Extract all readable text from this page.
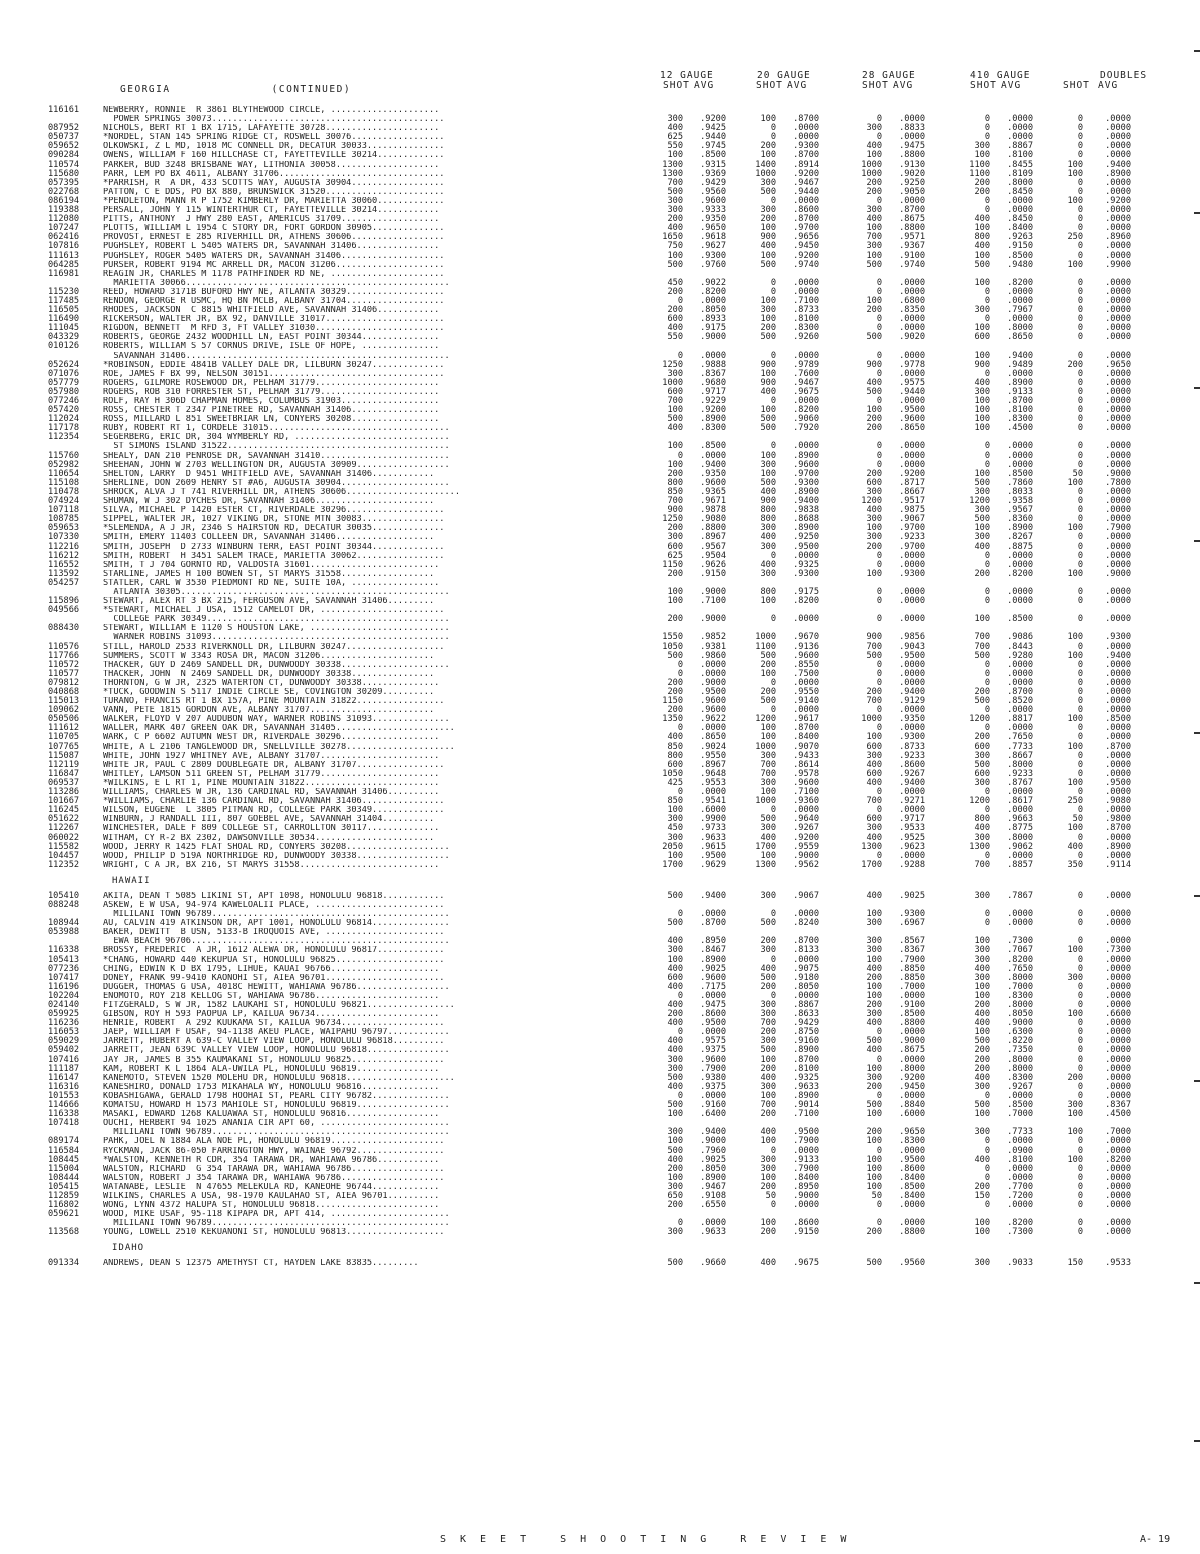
GEORGIA	(CONTINUED)
12 GAUGE	20 GAUGE	28 GAUGE	410 GAUGE	DOUBLES
SHOT AVG	SHOT AVG	SHOT AVG	SHOT AVG	SHOT AVG
116161	NEWBERRY, RONNIE  R 3861 BLYTHEWOOD CIRCLE, .....................
POWER SPRINGS 30073.............................................	300	.9200	100	.8700	0	.0000	0	.0000	0	.0000
087952	NICHOLS, BERT RT 1 BX 1715, LAFAYETTE 30728......................	400	.9425	0	.0000	300	.8833	0	.0000	0	.0000
050737	*NORDEL, STAN 145 SPRING RIDGE CT, ROSWELL 30076..................	625	.9440	0	.0000	0	.0000	0	.0000	0	.0000
059652	OLKOWSKI, Z L MD, 1018 MC CONNELL DR, DECATUR 30033...............	550	.9745	200	.9300	400	.9475	300	.8867	0	.0000
090284	OWENS, WILLIAM F 160 HILLCHASE CT, FAYETTEVILLE 30214.............	100	.8500	100	.8700	100	.8800	100	.8100	0	.0000
110574	PARKER, BUD 3248 BRISBANE WAY, LITHONIA 30058....................	1300	.9315	1400	.8914	1000	.9130	1100	.8455	100	.9400
115680	PARR, LEM PO BX 4611, ALBANY 31706................................	1300	.9369	1000	.9200	1000	.9020	1100	.8109	100	.8900
057395	*PARRISH, R  A DR, 433 SCOTTS WAY, AUGUSTA 30904..................	700	.9429	300	.9467	200	.9250	200	.8000	0	.0000
022768	PATTON, C E DDS, PO BX 880, BRUNSWICK 31520.......................	500	.9560	500	.9440	200	.9050	200	.8450	0	.0000
086194	*PENDLETON, MANN R P 1752 KIMBERLY DR, MARIETTA 30060.............	300	.9600	0	.0000	0	.0000	0	.0000	100	.9200
119388	PERSALL, JOHN Y 115 WINTERTHUR CT, FAYETTEVILLE 30214............	300	.9333	300	.8600	300	.8700	0	.0000	0	.0000
112080	PITTS, ANTHONY  J HWY 280 EAST, AMERICUS 31709...................	200	.9350	200	.8700	400	.8675	400	.8450	0	.0000
107247	PLOTTS, WILLIAM L 1954 C STORY DR, FORT GORDON 30905..............	400	.9650	100	.9700	100	.8800	100	.8400	0	.0000
062416	PROVOST, ERNEST E 285 RIVERHILL DR, ATHENS 30606..................	1650	.9618	900	.9656	700	.9571	800	.9263	250	.8960
107816	PUGHSLEY, ROBERT L 5405 WATERS DR, SAVANNAH 31406................	750	.9627	400	.9450	300	.9367	400	.9150	0	.0000
111613	PUGHSLEY, ROGER 5405 WATERS DR, SAVANNAH 31406....................	100	.9300	100	.9200	100	.9100	100	.8500	0	.0000
064285	PURSER, ROBERT 9194 MC ARRELL DR, MACON 31206.....................	500	.9760	500	.9740	500	.9740	500	.9480	100	.9900
116981	REAGIN JR, CHARLES M 1178 PATHFINDER RD NE, ......................
MARIETTA 30066...................................................	450	.9022	0	.0000	0	.0000	100	.8200	0	.0000
115230	REED, HOWARD 3171B BUFORD HWY NE, ATLANTA 30329...................	200	.8200	0	.0000	0	.0000	0	.0000	0	.0000
117485	RENDON, GEORGE R USMC, HQ BN MCLB, ALBANY 31704...................	0	.0000	100	.7100	100	.6800	0	.0000	0	.0000
116505	RHODES, JACKSON  C 8815 WHITFIELD AVE, SAVANNAH 31406............	200	.8050	300	.8733	200	.8350	300	.7967	0	.0000
116490	RICKERSON, WALTER JR, BX 92, DANVILLE 31017.......................	600	.8933	100	.8100	0	.0000	0	.0000	0	.0000
111045	RIGDON, BENNETT  M RFD 3, FT VALLEY 31030.........................	400	.9175	200	.8300	0	.0000	100	.8000	0	.0000
043329	ROBERTS, GEORGE 2432 WOODHILL LN, EAST POINT 30344...............	550	.9000	500	.9260	500	.9020	600	.8650	0	.0000
010126	ROBERTS, WILLIAM S 57 CORNUS DRIVE, ISLE OF HOPE, ...............
SAVANNAH 31406...................................................	0	.0000	0	.0000	0	.0000	100	.9400	0	.0000
052624	*ROBINSON, EDDIE 4841B VALLEY DALE DR, LILBURN 30247..............	1250	.9888	900	.9789	900	.9778	900	.9489	200	.9650
071076	ROE, JAMES F BX 99, NELSON 30151..................................	300	.8367	100	.7600	0	.0000	0	.0000	0	.0000
057779	ROGERS, GILMORE ROSEWOOD DR, PELHAM 31779........................	1000	.9680	900	.9467	400	.9575	400	.8900	0	.0000
057980	ROGERS, ROB 310 FORRESTER ST, PELHAM 31779.......................	600	.9717	400	.9675	500	.9440	300	.9133	0	.0000
077246	ROLF, RAY H 306D CHAPMAN HOMES, COLUMBUS 31903...................	700	.9229	0	.0000	0	.0000	100	.8700	0	.0000
057420	ROSS, CHESTER T 2347 PINETREE RD, SAVANNAH 31406.................	100	.9200	100	.8200	100	.9500	100	.8100	0	.0000
112024	ROSS, MILLARD L 851 SWEETBRIAR LN, CONYERS 30208.................	500	.8900	500	.9060	200	.9600	100	.8300	0	.0000
117178	RUBY, ROBERT RT 1, CORDELE 31015...................................	400	.8300	500	.7920	200	.8650	100	.4500	0	.0000
112354	SEGERBERG, ERIC DR, 304 WYMBERLY RD, ..............................
ST SIMONS ISLAND 31522...........................................	100	.8500	0	.0000	0	.0000	0	.0000	0	.0000
115760	SHEALY, DAN 210 PENROSE DR, SAVANNAH 31410.........................	0	.0000	100	.8900	0	.0000	0	.0000	0	.0000
052982	SHEEHAN, JOHN W 2703 WELLINGTON DR, AUGUSTA 30909..................	100	.9400	300	.9600	0	.0000	0	.0000	0	.0000
110654	SHELTON, LARRY  D 9451 WHITFIELD AVE, SAVANNAH 31406............	200	.9350	100	.9700	200	.9200	100	.8500	50	.9000
115108	SHERLINE, DON 2609 HENRY ST #A6, AUGUSTA 30904.....................	800	.9600	500	.9300	600	.8717	500	.7860	100	.7800
110478	SHROCK, ALVA J T 741 RIVERHILL DR, ATHENS 30606......................	850	.9365	400	.8900	300	.8667	300	.8033	0	.0000
074924	SHUMAN, W J 302 DYCHES DR, SAVANNAH 31406.......................	700	.9671	900	.9400	1200	.9517	1200	.9358	0	.0000
107118	SILVA, MICHAEL P 1420 ESTER CT, RIVERDALE 30296...................	900	.9878	800	.9838	400	.9875	300	.9567	0	.0000
108785	SIPPEL, WALTER JR, 1027 VIKING DR, STONE MTN 30083................	1250	.9080	800	.8688	300	.9067	500	.8360	0	.0000
059653	*SLEMENDA, A J JR, 2346 S HAIRSTON RD, DECATUR 30035..............	200	.8800	300	.8900	100	.9700	100	.8900	100	.7900
107330	SMITH, EMERY 11403 COLLEEN DR, SAVANNAH 31406...................	300	.8967	400	.9250	300	.9233	300	.8267	0	.0000
112216	SMITH, JOSEPH  D 2733 WINBURN TERR, EAST POINT 30344..............	600	.9567	300	.9500	200	.9700	400	.8875	0	.0000
116212	SMITH, ROBERT  H 3451 SALEM TRACE, MARIETTA 30062.................	625	.9504	0	.0000	0	.0000	0	.0000	0	.0000
116552	SMITH, T J 704 GORNTO RD, VALDOSTA 31601.........................	1150	.9626	400	.9325	0	.0000	0	.0000	0	.0000
113592	STARLINE, JAMES H 100 BOWEN ST, ST MARYS 31558..................	200	.9150	300	.9300	100	.9300	200	.8200	100	.9000
054257	STATLER, CARL W 3530 PIEDMONT RD NE, SUITE 10A, .................
ATLANTA 30305....................................................	100	.9000	800	.9175	0	.0000	0	.0000	0	.0000
115896	STEWART, ALEX RT 3 BX 215, FERGUSON AVE, SAVANNAH 31406.........	100	.7100	100	.8200	0	.0000	0	.0000	0	.0000
049566	*STEWART, MICHAEL J USA, 1512 CAMELOT DR, ........................
COLLEGE PARK 30349...............................................	200	.9000	0	.0000	0	.0000	100	.8500	0	.0000
088430	STEWART, WILLIAM E 1120 S HOUSTON LAKE, ...........................
WARNER ROBINS 31093..............................................	1550	.9852	1000	.9670	900	.9856	700	.9086	100	.9300
110576	STILL, HAROLD 2533 RIVERKNOLL DR, LILBURN 30247...................	1050	.9381	1100	.9136	700	.9043	700	.8443	0	.0000
117766	SUMMERS, SCOTT W 3343 ROSA DR, MACON 31206......................	500	.9860	500	.9600	500	.9500	500	.9280	100	.9400
110572	THACKER, GUY D 2469 SANDELL DR, DUNWOODY 30338.....................	0	.0000	200	.8550	0	.0000	0	.0000	0	.0000
110577	THACKER, JOHN  N 2469 SANDELL DR, DUNWOODY 30338................	0	.0000	100	.7500	0	.0000	0	.0000	0	.0000
079812	THORNTON, G W JR, 2325 WATERTON CT, DUNWOODY 30338...............	200	.9000	0	.0000	0	.0000	0	.0000	0	.0000
040868	*TUCK, GOODWIN S 5117 INDIE CIRCLE SE, COVINGTON 30209..........	200	.9500	200	.9550	200	.9400	200	.8700	0	.0000
115013	TURANO, FRANCIS RT 1 BX 157A, PINE MOUNTAIN 31822.................	1150	.9600	500	.9140	700	.9129	500	.8520	0	.0000
109062	VANN, PETE 1815 GORDON AVE, ALBANY 31707........................	200	.9600	0	.0000	0	.0000	0	.0000	0	.0000
050506	WALKER, FLOYD V 207 AUDUBON WAY, WARNER ROBINS 31093...............	1350	.9622	1200	.9617	1000	.9350	1200	.8817	100	.8500
111612	WALLER, MARK 407 GREEN OAK DR, SAVANNAH 31405.......................	0	.0000	100	.8700	0	.0000	0	.0000	0	.0000
110705	WARK, C P 6602 AUTUMN WEST DR, RIVERDALE 30296...................	400	.8650	100	.8400	100	.9300	200	.7650	0	.0000
107765	WHITE, A L 2106 TANGLEWOOD DR, SNELLVILLE 30278.....................	850	.9024	1000	.9070	600	.8733	600	.7733	100	.8700
115087	WHITE, JOHN 1927 WHITNEY AVE, ALBANY 31707.......................	800	.9550	300	.9433	300	.9233	300	.8667	0	.0000
112119	WHITE JR, PAUL C 2809 DOUBLEGATE DR, ALBANY 31707.................	600	.8967	700	.8614	400	.8600	500	.8000	0	.0000
116847	WHITLEY, LAMSON 511 GREEN ST, PELHAM 31779.......................	1050	.9648	700	.9578	600	.9267	600	.9233	0	.0000
069537	*WILKINS, E L RT 1, PINE MOUNTAIN 31822..........................	425	.9553	300	.9600	400	.9400	300	.8767	100	.9500
113286	WILLIAMS, CHARLES W JR, 136 CARDINAL RD, SAVANNAH 31406..........	0	.0000	100	.7100	0	.0000	0	.0000	0	.0000
101667	*WILLIAMS, CHARLIE 136 CARDINAL RD, SAVANNAH 31406................	850	.9541	1000	.9360	700	.9271	1200	.8617	250	.9080
116245	WILSON, EUGENE  L 3805 PITMAN RD, COLLEGE PARK 30349..............	100	.6000	0	.0000	0	.0000	0	.0000	0	.0000
051622	WINBURN, J RANDALL III, 807 GOEBEL AVE, SAVANNAH 31404..........	300	.9900	500	.9640	600	.9717	800	.9663	50	.9800
112267	WINCHESTER, DALE F 809 COLLEGE ST, CARROLLTON 30117..............	450	.9733	300	.9267	300	.9533	400	.8775	100	.8700
060022	WITHAM, CY R-2 BX 2302, DAWSONVILLE 30534.......................	300	.9633	400	.9200	400	.9525	300	.8000	0	.0000
115582	WOOD, JERRY R 1425 FLAT SHOAL RD, CONYERS 30208....................	2050	.9615	1700	.9559	1300	.9623	1300	.9062	400	.8900
104457	WOOD, PHILIP D 519A NORTHRIDGE RD, DUNWOODY 30338..................	100	.9500	100	.9000	0	.0000	0	.0000	0	.0000
112352	WRIGHT, C A JR, BX 216, ST MARYS 31558...........................	1700	.9629	1300	.9562	1700	.9288	700	.8857	350	.9114
HAWAII
105410	AKITA, DEAN T 5085 LIKINI ST, APT 1098, HONOLULU 96818............	500	.9400	300	.9067	400	.9025	300	.7867	0	.0000
088248	ASKEW, E W USA, 94-974 KAWELOALII PLACE, .........................
MILILANI TOWN 96789..............................................	0	.0000	0	.0000	100	.9300	0	.0000	0	.0000
108944	AU, CALVIN 419 ATKINSON DR, APT 1001, HONOLULU 96814...............	500	.8700	500	.8240	300	.6967	0	.0000	0	.0000
053988	BAKER, DEWITT  B USN, 5133-B IROQUOIS AVE, .......................
EWA BEACH 96706..................................................	400	.8950	200	.8700	300	.8567	100	.7300	0	.0000
116338	BROSSY, FREDERIC  A JR, 1612 ALEWA DR, HONOLULU 96817.............	300	.8467	300	.8133	300	.8367	300	.7067	100	.7300
105413	*CHANG, HOWARD 440 KEKUPUA ST, HONOLULU 96825.....................	100	.8900	0	.0000	100	.7900	300	.8200	0	.0000
077236	CHING, EDWIN K D BX 1795, LIHUE, KAUAI 96766.....................	400	.9025	400	.9075	400	.8850	400	.7650	0	.0000
107417	DONEY, FRANK 99-9410 KAONOHI ST, AIEA 96701.......................	600	.9600	500	.9180	200	.8850	300	.8000	300	.0000
116196	DUGGER, THOMAS G USA, 4018C HEWITT, WAHIAWA 96786..................	400	.7175	200	.8050	100	.7000	100	.7000	0	.0000
102204	ENOMOTO, ROY 218 KELLOG ST, WAHIAWA 96786........................	0	.0000	0	.0000	100	.0000	100	.8300	0	.0000
024140	FITZGERALD, S W JR, 1582 LAUKAHI ST, HONOLULU 96821.................	400	.9475	300	.8867	200	.9100	200	.8000	0	.0000
059925	GIBSON, ROY H 593 PAOPUA LP, KAILUA 96734........................	200	.8600	300	.8633	300	.8500	400	.8050	100	.6600
116236	HENRIE, ROBERT  A 292 KUUKAMA ST, KAILUA 96734....................	400	.9500	700	.9429	400	.8800	400	.9000	0	.0000
116053	JAEP, WILLIAM F USAF, 94-1138 AKEU PLACE, WAIPAHU 96797............	0	.0000	200	.8750	0	.0000	100	.6300	0	.0000
059029	JARRETT, HUBERT A 639-C VALLEY VIEW LOOP, HONOLULU 96818..........	400	.9575	300	.9160	500	.9000	500	.8220	0	.0000
059402	JARRETT, JEAN 639C VALLEY VIEW LOOP, HONOLULU 96818................	400	.9375	500	.8900	400	.8675	200	.7350	0	.0000
107416	JAY JR, JAMES B 355 KAUMAKANI ST, HONOLULU 96825..................	300	.9600	100	.8700	0	.0000	200	.8000	0	.0000
111187	KAM, ROBERT K L 1864 ALA-UWILA PL, HONOLULU 96819................	300	.7900	200	.8100	100	.8000	200	.8000	0	.0000
116147	KANEMOTO, STEVEN 1520 MOLEHU DR, HONOLULU 96818.....................	500	.9380	400	.9325	300	.9200	400	.8300	200	.0000
116316	KANESHIRO, DONALD 1753 MIKAHALA WY, HONOLULU 96816...............	400	.9375	300	.9633	200	.9450	300	.9267	0	.0000
101553	KOBASHIGAWA, GERALD 1798 HOOHAI ST, PEARL CITY 96782...............	0	.0000	100	.8900	0	.0000	0	.0000	0	.0000
114666	KOMATSU, HOWARD H 1573 MAHIOLE ST, HONOLULU 96819..................	500	.9160	700	.9014	500	.8840	500	.8500	300	.8367
116338	MASAKI, EDWARD 1268 KALUAWAA ST, HONOLULU 96816..................	100	.6400	200	.7100	100	.6000	100	.7000	100	.4500
107418	OUCHI, HERBERT 94 1025 ANANIA CIR APT 60, .........................
MILILANI TOWN 96789..............................................	300	.9400	400	.9500	200	.9650	300	.7733	100	.7000
089174	PAHK, JOEL N 1884 ALA NOE PL, HONOLULU 96819......................	100	.9000	100	.7900	100	.8300	0	.0000	0	.0000
116584	RYCKMAN, JACK 86-050 FARRINGTON HWY, WAINAE 96792.................	500	.7960	0	.0000	0	.0000	0	.0900	0	.0000
108445	*WALSTON, KENNETH R CDR, 354 TARAWA DR, WAHIAWA 96786............	400	.9025	300	.9133	100	.9500	400	.8100	100	.8200
115004	WALSTON, RICHARD  G 354 TARAWA DR, WAHIAWA 96786..................	200	.8050	300	.7900	100	.8600	0	.0000	0	.0000
108444	WALSTON, ROBERT J 354 TARAWA DR, WAHIAWA 96786....................	100	.8900	100	.8400	100	.8400	0	.0000	0	.0000
105415	WATANABE, LESLIE  N 47655 MELEKULA RD, KANEOHE 96744.............	300	.9467	200	.8950	100	.8500	200	.7700	0	.0000
112859	WILKINS, CHARLES A USA, 98-1970 KAULAHAO ST, AIEA 96701..........	650	.9108	50	.9000	50	.8400	150	.7200	0	.0000
116802	WONG, LYNN 4372 HALUPA ST, HONOLULU 96818........................	200	.6550	0	.0000	0	.0000	0	.0000	0	.0000
059621	WOOD, MIKE USAF, 95-118 KIPAPA DR, APT 414, .......................
MILILANI TOWN 96789..............................................	0	.0000	100	.8600	0	.0000	100	.8200	0	.0000
113568	YOUNG, LOWELL 2510 KEKUANONI ST, HONOLULU 96813...................	300	.9633	200	.9150	200	.8800	100	.7300	0	.0000
IDAHO
091334	ANDREWS, DEAN S 12375 AMETHYST CT, HAYDEN LAKE 83835.........	500	.9660	400	.9675	500	.9560	300	.9033	150	.9533
SKEET SHOOTING REVIEW	A- 19
